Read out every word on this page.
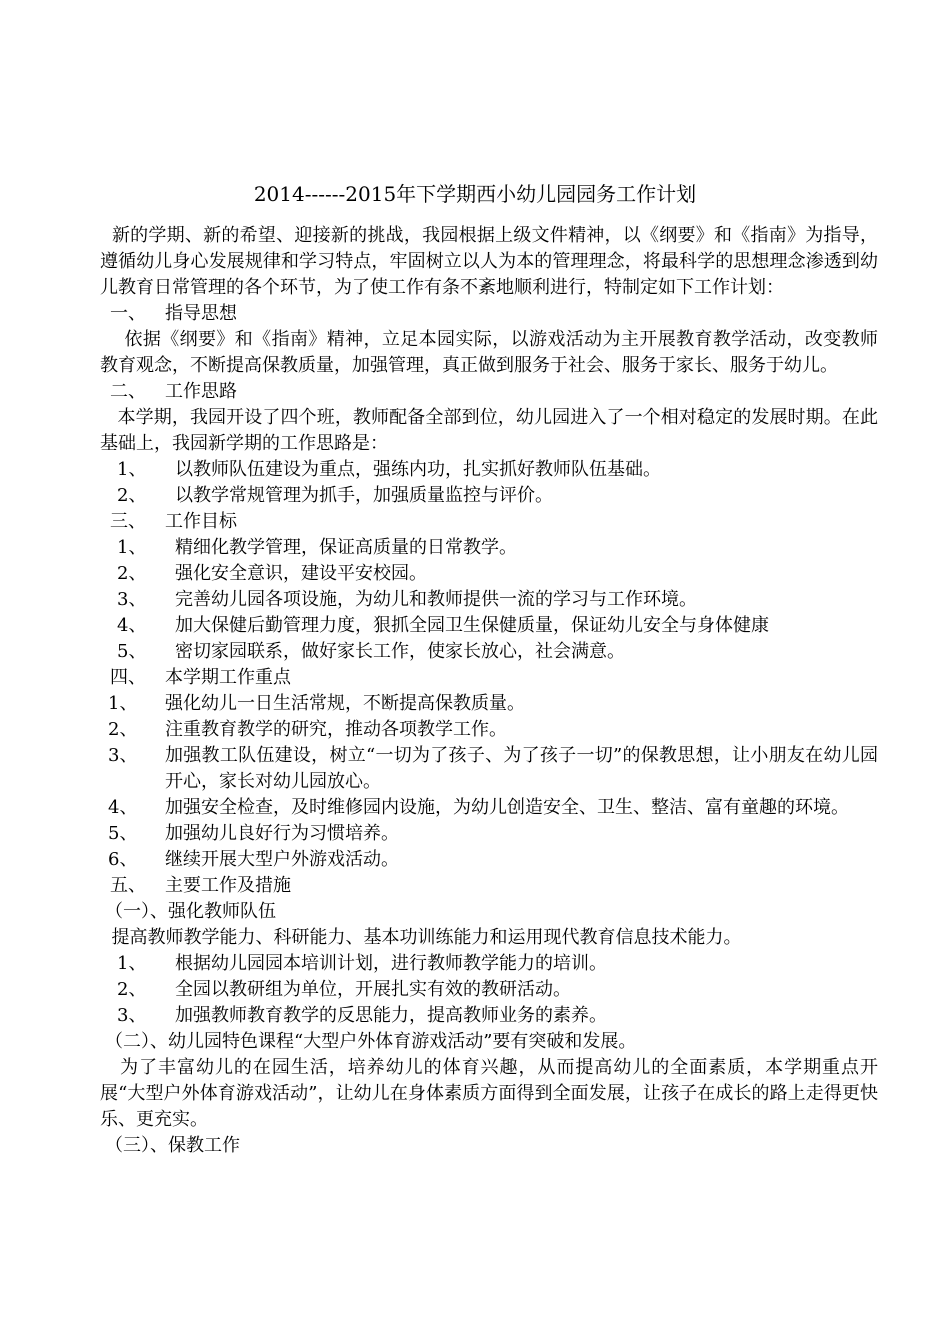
2014------2015年下学期西小幼儿园园务工作计划

新的学期、新的希望、迎接新的挑战，我园根据上级文件精神，以《纲要》和《指南》为指导，遵循幼儿身心发展规律和学习特点，牢固树立以人为本的管理理念，将最科学的思想理念渗透到幼儿教育日常管理的各个环节，为了使工作有条不紊地顺利进行，特制定如下工作计划：

一、 指导思想

依据《纲要》和《指南》精神，立足本园实际，以游戏活动为主开展教育教学活动，改变教师教育观念，不断提高保教质量，加强管理，真正做到服务于社会、服务于家长、服务于幼儿。

二、 工作思路

本学期，我园开设了四个班，教师配备全部到位，幼儿园进入了一个相对稳定的发展时期。在此基础上，我园新学期的工作思路是：

1、	以教师队伍建设为重点，强练内功，扎实抓好教师队伍基础。
2、	以教学常规管理为抓手，加强质量监控与评价。

三、 工作目标

1、	精细化教学管理，保证高质量的日常教学。
2、	强化安全意识，建设平安校园。
3、	完善幼儿园各项设施，为幼儿和教师提供一流的学习与工作环境。
4、	加大保健后勤管理力度，狠抓全园卫生保健质量，保证幼儿安全与身体健康
5、	密切家园联系，做好家长工作，使家长放心，社会满意。

四、 本学期工作重点

1、	强化幼儿一日生活常规，不断提高保教质量。
2、	注重教育教学的研究，推动各项教学工作。
3、	加强教工队伍建设，树立“一切为了孩子、为了孩子一切”的保教思想，让小朋友在幼儿园开心，家长对幼儿园放心。
4、	加强安全检查，及时维修园内设施，为幼儿创造安全、卫生、整洁、富有童趣的环境。
5、	加强幼儿良好行为习惯培养。
6、	继续开展大型户外游戏活动。

五、 主要工作及措施

（一）、强化教师队伍

提高教师教学能力、科研能力、基本功训练能力和运用现代教育信息技术能力。

1、	根据幼儿园园本培训计划，进行教师教学能力的培训。
2、	全园以教研组为单位，开展扎实有效的教研活动。
3、	加强教师教育教学的反思能力，提高教师业务的素养。

（二）、幼儿园特色课程“大型户外体育游戏活动”要有突破和发展。

为了丰富幼儿的在园生活，培养幼儿的体育兴趣，从而提高幼儿的全面素质，本学期重点开展“大型户外体育游戏活动”，让幼儿在身体素质方面得到全面发展，让孩子在成长的路上走得更快乐、更充实。

（三）、保教工作
